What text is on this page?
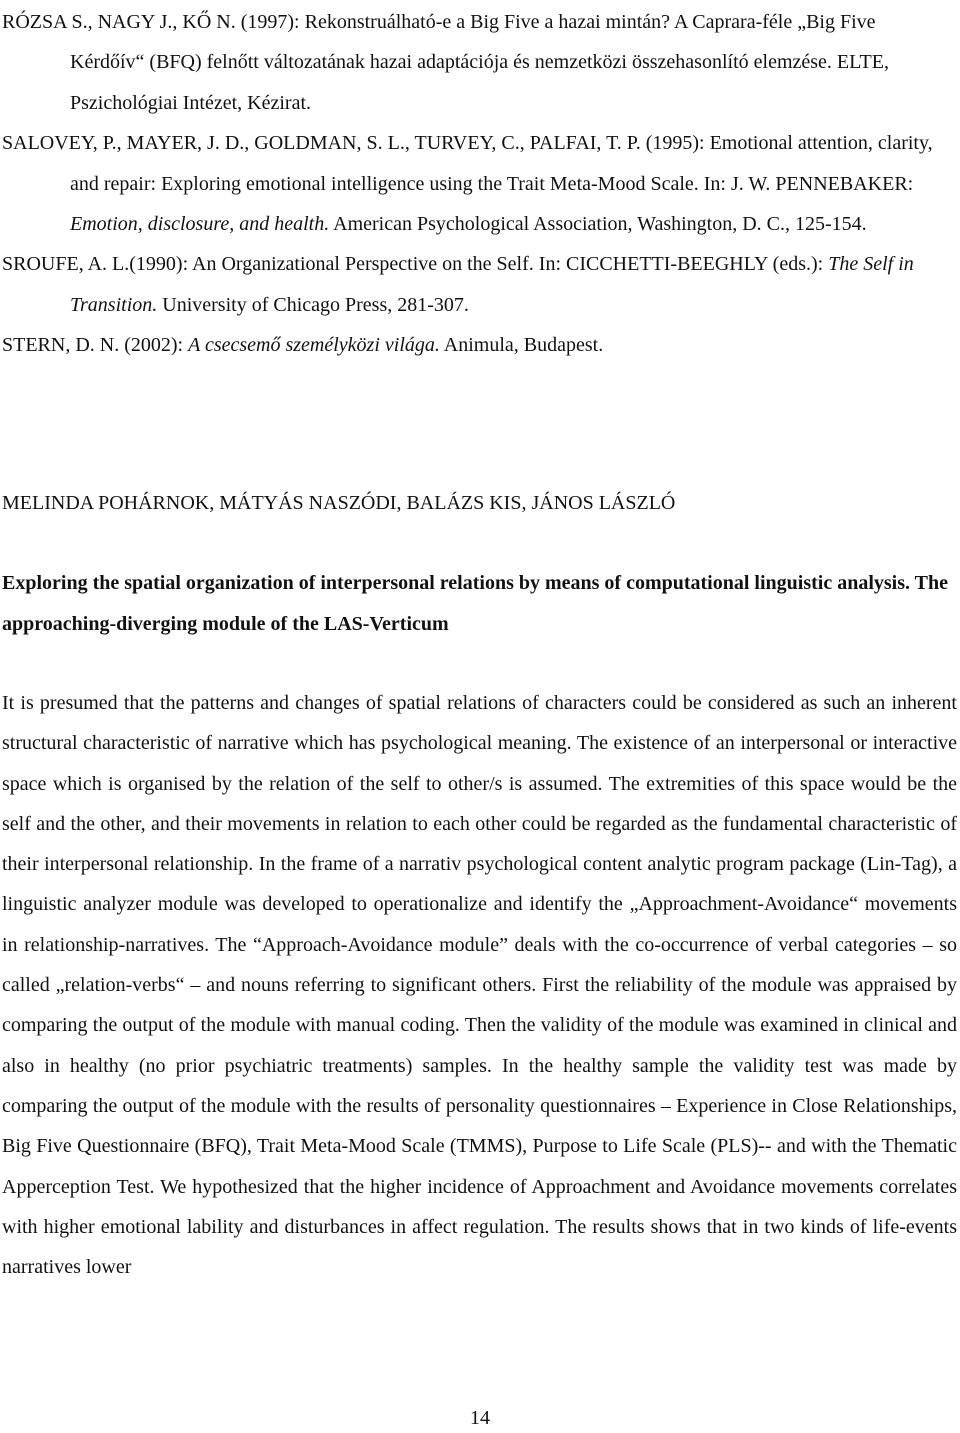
RÓZSA S., NAGY J., KŐ N. (1997): Rekonstruálható-e a Big Five a hazai mintán? A Caprara-féle „Big Five Kérdőív“ (BFQ) felnőtt változatának hazai adaptációja és nemzetközi összehasonlító elemzése. ELTE, Pszichológiai Intézet, Kézirat.

SALOVEY, P., MAYER, J. D., GOLDMAN, S. L., TURVEY, C., PALFAI, T. P. (1995): Emotional attention, clarity, and repair: Exploring emotional intelligence using the Trait Meta-Mood Scale. In: J. W. PENNEBAKER: Emotion, disclosure, and health. American Psychological Association, Washington, D. C., 125-154.

SROUFE, A. L.(1990): An Organizational Perspective on the Self. In: CICCHETTI-BEEGHLY (eds.): The Self in Transition. University of Chicago Press, 281-307.

STERN, D. N. (2002): A csecsemő személyközi világa. Animula, Budapest.

MELINDA POHÁRNOK, MÁTYÁS NASZÓDI, BALÁZS KIS, JÁNOS LÁSZLÓ

Exploring the spatial organization of interpersonal relations by means of computational linguistic analysis. The approaching-diverging module of the LAS-Verticum

It is presumed that the patterns and changes of spatial relations of characters could be considered as such an inherent structural characteristic of narrative which has psychological meaning. The existence of an interpersonal or interactive space which is organised by the relation of the self to other/s is assumed. The extremities of this space would be the self and the other, and their movements in relation to each other could be regarded as the fundamental characteristic of their interpersonal relationship. In the frame of a narrativ psychological content analytic program package (Lin-Tag), a linguistic analyzer module was developed to operationalize and identify the „Approachment-Avoidance“ movements in relationship-narratives. The “Approach-Avoidance module” deals with the co-occurrence of verbal categories – so called „relation-verbs“ – and nouns referring to significant others. First the reliability of the module was appraised by comparing the output of the module with manual coding. Then the validity of the module was examined in clinical and also in healthy (no prior psychiatric treatments) samples. In the healthy sample the validity test was made by comparing the output of the module with the results of personality questionnaires – Experience in Close Relationships, Big Five Questionnaire (BFQ), Trait Meta-Mood Scale (TMMS), Purpose to Life Scale (PLS)-- and with the Thematic Apperception Test. We hypothesized that the higher incidence of Approachment and Avoidance movements correlates with higher emotional lability and disturbances in affect regulation. The results shows that in two kinds of life-events narratives lower

14
